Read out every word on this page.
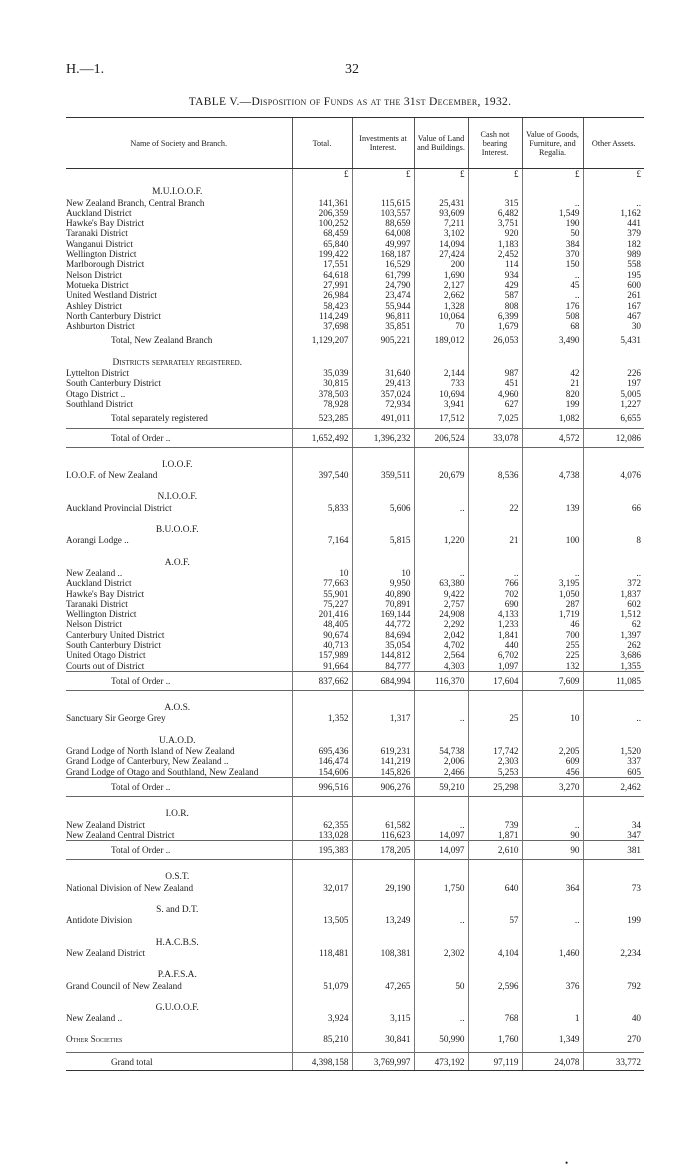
H.—1.	32
TABLE V.—Disposition of Funds as at the 31st December, 1932.
Name of Society and Branch.	Total.	Investments at Interest.	Value of Land and Buildings.	Cash not bearing Interest.	Value of Goods, Furniture, and Regalia.	Other Assets.
	£	£	£	£	£	£

M.U.I.O.O.F.						
New Zealand Branch, Central Branch	141,361	115,615	25,431	315	..	..
Auckland District	206,359	103,557	93,609	6,482	1,549	1,162
Hawke's Bay District	100,252	88,659	7,211	3,751	190	441
Taranaki District	68,459	64,008	3,102	920	50	379
Wanganui District	65,840	49,997	14,094	1,183	384	182
Wellington District	199,422	168,187	27,424	2,452	370	989
Marlborough District	17,551	16,529	200	114	150	558
Nelson District	64,618	61,799	1,690	934	..	195
Motueka District	27,991	24,790	2,127	429	45	600
United Westland District	26,984	23,474	2,662	587	..	261
Ashley District	58,423	55,944	1,328	808	176	167
North Canterbury District	114,249	96,811	10,064	6,399	508	467
Ashburton District	37,698	35,851	70	1,679	68	30
Total, New Zealand Branch	1,129,207	905,221	189,012	26,053	3,490	5,431

Districts separately registered.						
Lyttelton District	35,039	31,640	2,144	987	42	226
South Canterbury District	30,815	29,413	733	451	21	197
Otago District ..	378,503	357,024	10,694	4,960	820	5,005
Southland District	78,928	72,934	3,941	627	199	1,227
Total separately registered	523,285	491,011	17,512	7,025	1,082	6,655
Total of Order ..	1,652,492	1,396,232	206,524	33,078	4,572	12,086

I.O.O.F.						
I.O.O.F. of New Zealand	397,540	359,511	20,679	8,536	4,738	4,076

N.I.O.O.F.						
Auckland Provincial District	5,833	5,606	..	22	139	66

B.U.O.O.F.						
Aorangi Lodge ..	7,164	5,815	1,220	21	100	8

A.O.F.						
New Zealand ..	10	10	..	..	..	..
Auckland District	77,663	9,950	63,380	766	3,195	372
Hawke's Bay District	55,901	40,890	9,422	702	1,050	1,837
Taranaki District	75,227	70,891	2,757	690	287	602
Wellington District	201,416	169,144	24,908	4,133	1,719	1,512
Nelson District	48,405	44,772	2,292	1,233	46	62
Canterbury United District	90,674	84,694	2,042	1,841	700	1,397
South Canterbury District	40,713	35,054	4,702	440	255	262
United Otago District	157,989	144,812	2,564	6,702	225	3,686
Courts out of District	91,664	84,777	4,303	1,097	132	1,355
Total of Order ..	837,662	684,994	116,370	17,604	7,609	11,085

A.O.S.						
Sanctuary Sir George Grey	1,352	1,317	..	25	10	..

U.A.O.D.						
Grand Lodge of North Island of New Zealand	695,436	619,231	54,738	17,742	2,205	1,520
Grand Lodge of Canterbury, New Zealand ..	146,474	141,219	2,006	2,303	609	337
Grand Lodge of Otago and Southland, New Zealand	154,606	145,826	2,466	5,253	456	605
Total of Order ..	996,516	906,276	59,210	25,298	3,270	2,462

I.O.R.						
New Zealand District	62,355	61,582	..	739	..	34
New Zealand Central District	133,028	116,623	14,097	1,871	90	347
Total of Order ..	195,383	178,205	14,097	2,610	90	381

O.S.T.						
National Division of New Zealand	32,017	29,190	1,750	640	364	73

S. and D.T.						
Antidote Division	13,505	13,249	..	57	..	199

H.A.C.B.S.						
New Zealand District	118,481	108,381	2,302	4,104	1,460	2,234

P.A.F.S.A.						
Grand Council of New Zealand	51,079	47,265	50	2,596	376	792

G.U.O.O.F.						
New Zealand ..	3,924	3,115	..	768	1	40

Other Societies	85,210	30,841	50,990	1,760	1,349	270

Grand total	4,398,158	3,769,997	473,192	97,119	24,078	33,772
•
